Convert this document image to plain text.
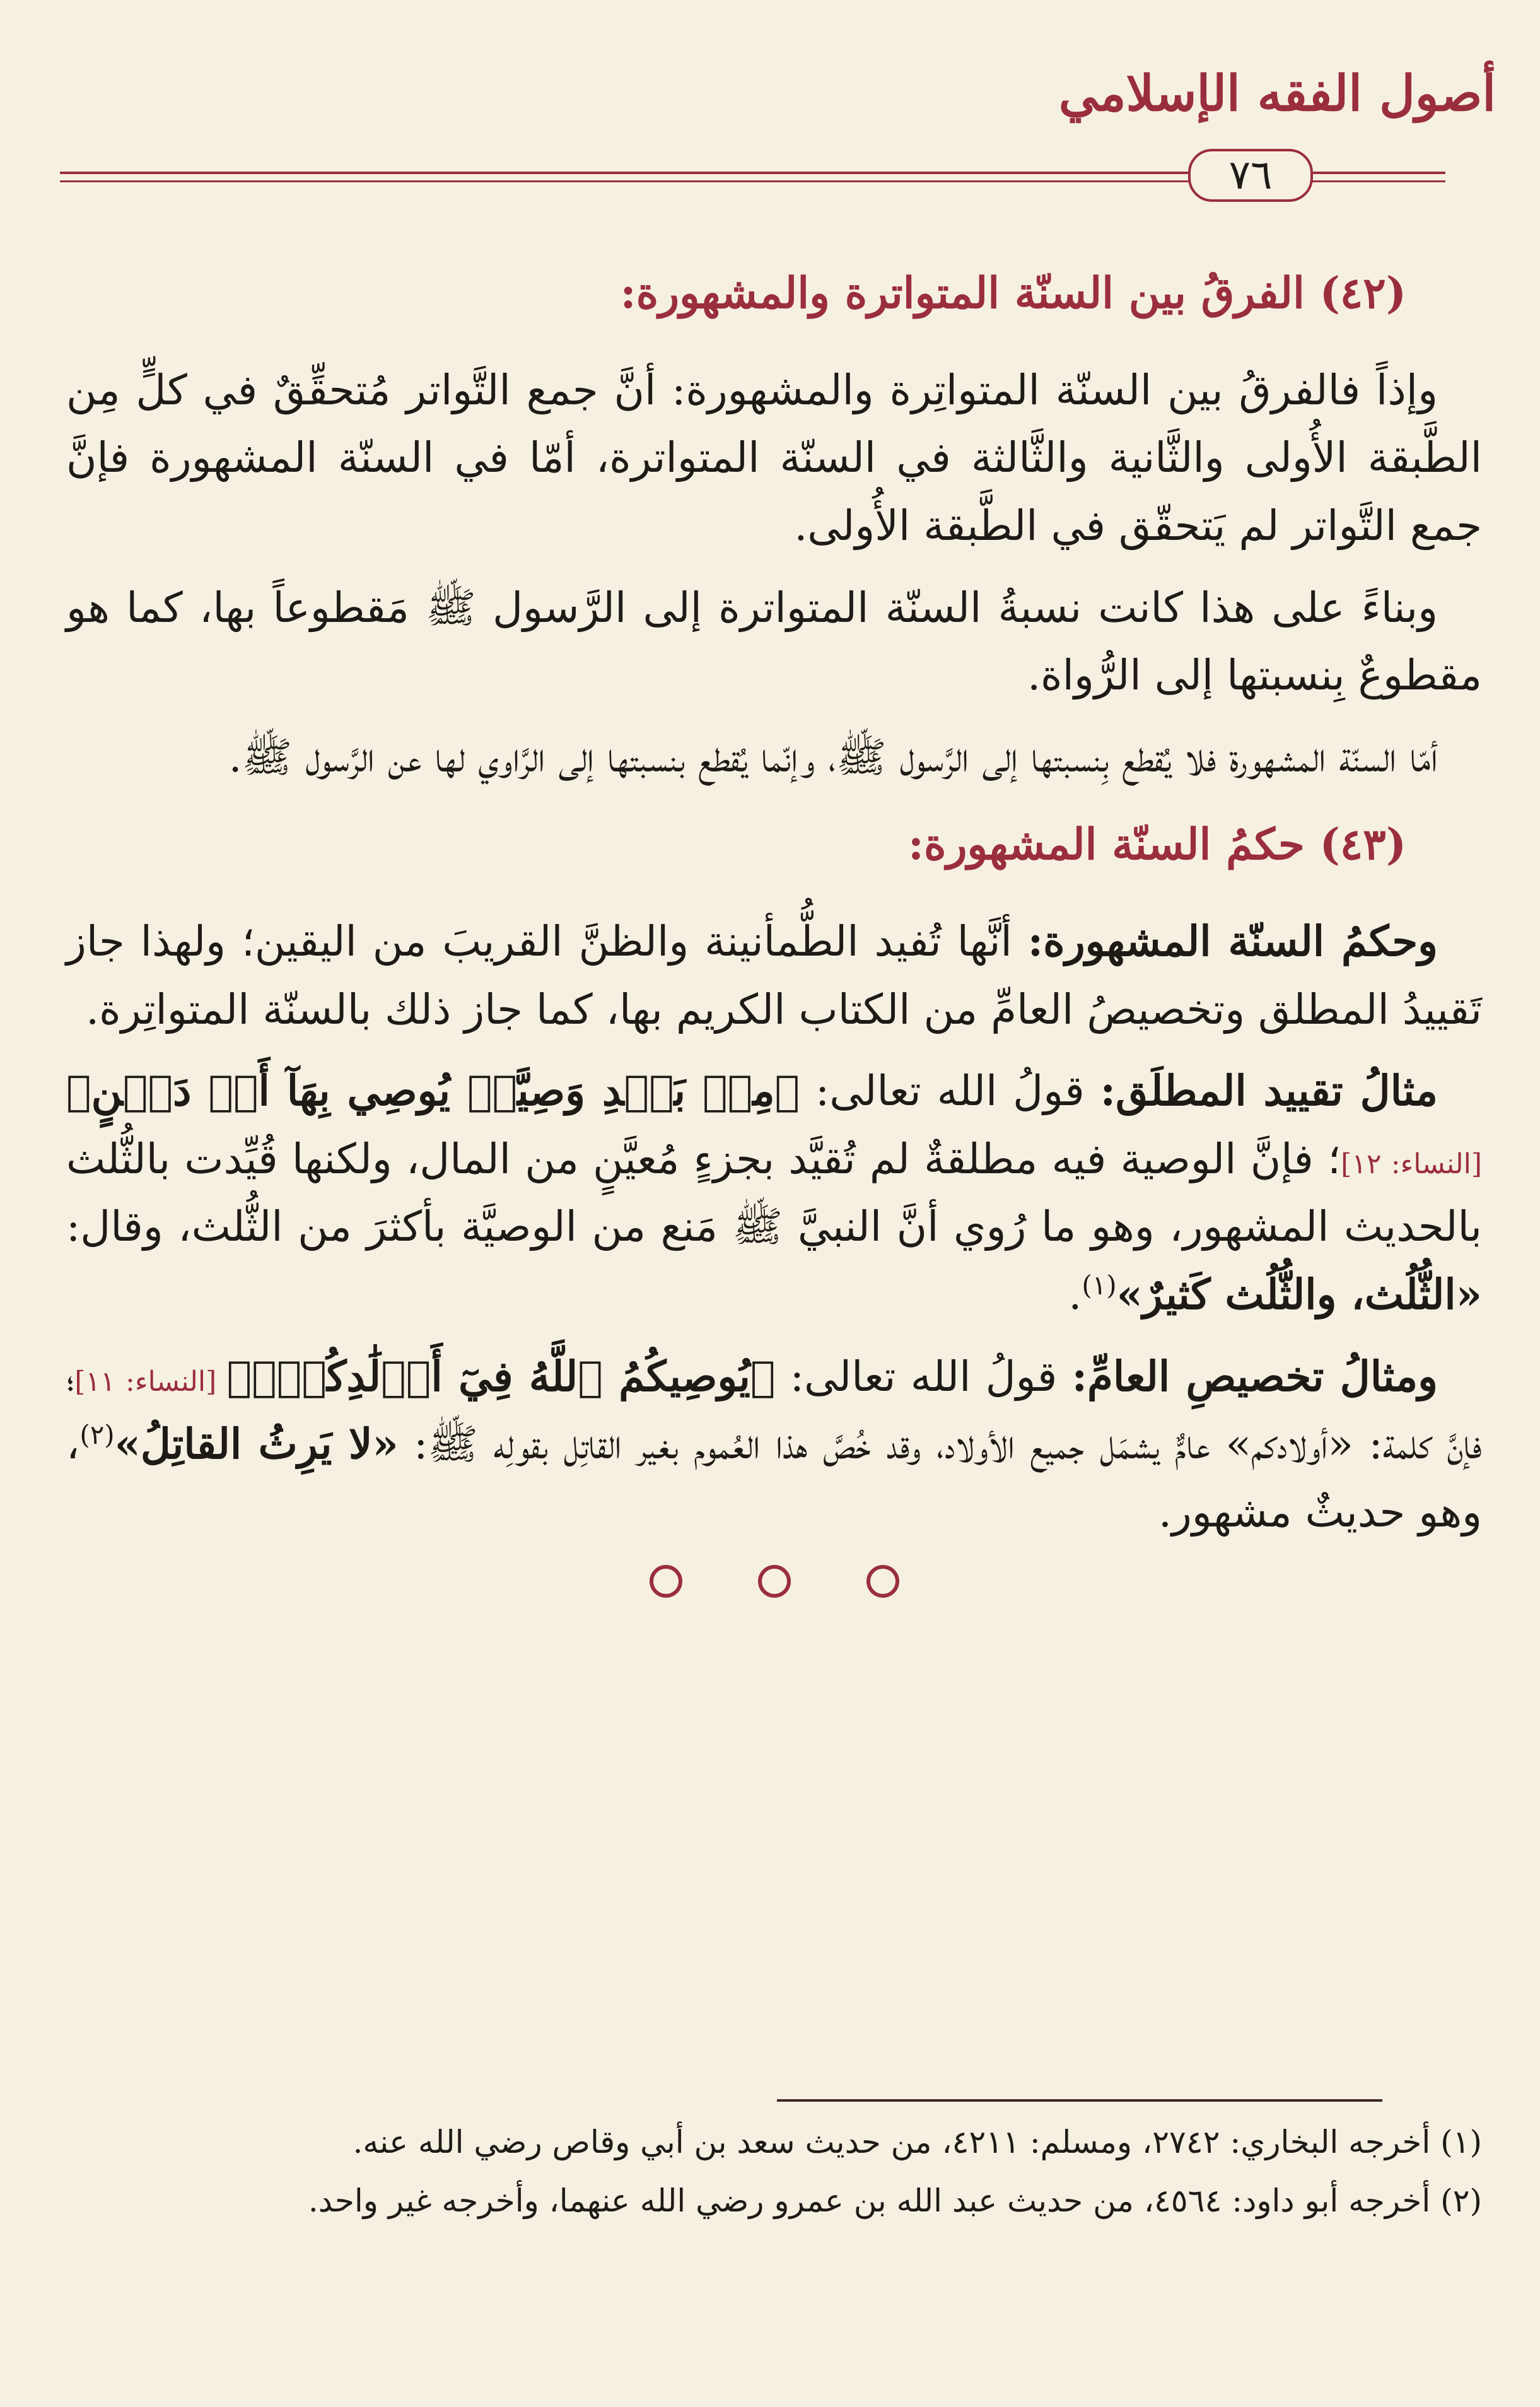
أصول الفقه الإسلامي
٧٦
(٤٢) الفرقُ بين السنّة المتواترة والمشهورة:

وإذاً فالفرقُ بين السنّة المتواتِرة والمشهورة: أنَّ جمع التَّواتر مُتحقِّقٌ في كلٍّ مِن الطَّبقة الأُولى والثَّانية والثَّالثة في السنّة المتواترة، أمّا في السنّة المشهورة فإنَّ جمع التَّواتر لم يَتحقّق في الطَّبقة الأُولى.

وبناءً على هذا كانت نسبةُ السنّة المتواترة إلى الرَّسول ﷺ مَقطوعاً بها، كما هو مقطوعٌ بِنسبتها إلى الرُّواة.

أمّا السنّة المشهورة فلا يُقطع بِنسبتها إلى الرَّسول ﷺ، وإنّما يُقطع بنسبتها إلى الرَّاوي لها عن الرَّسول ﷺ.

(٤٣) حكمُ السنّة المشهورة:

وحكمُ السنّة المشهورة: أنَّها تُفيد الطُّمأنينة والظنَّ القريبَ من اليقين؛ ولهذا جاز تَقييدُ المطلق وتخصيصُ العامِّ من الكتاب الكريم بها، كما جاز ذلك بالسنّة المتواتِرة.

مثالُ تقييد المطلَق: قولُ الله تعالى: ﴿مِنۢ بَعۡدِ وَصِيَّةٖ يُوصِي بِهَآ أَوۡ دَيۡنٍ﴾ [النساء: ١٢]؛ فإنَّ الوصية فيه مطلقةٌ لم تُقيَّد بجزءٍ مُعيَّنٍ من المال، ولكنها قُيِّدت بالثُّلث بالحديث المشهور، وهو ما رُوي أنَّ النبيَّ ﷺ مَنع من الوصيَّة بأكثرَ من الثُّلث، وقال: «الثُّلُث، والثُّلُث كَثيرٌ»$^{(١)}$.

ومثالُ تخصيصِ العامِّ: قولُ الله تعالى: ﴿يُوصِيكُمُ ٱللَّهُ فِيٓ أَوۡلَٰدِكُمۡۖ﴾ [النساء: ١١]؛ فإنَّ كلمة: «أولادكم» عامٌّ يشمَل جميع الأولاد، وقد خُصَّ هذا العُموم بغير القاتِل بقولِه ﷺ: «لا يَرِثُ القاتِلُ»$^{(٢)}$، وهو حديثٌ مشهور.

(١) أخرجه البخاري: ٢٧٤٢، ومسلم: ٤٢١١، من حديث سعد بن أبي وقاص رضي الله عنه.

(٢) أخرجه أبو داود: ٤٥٦٤، من حديث عبد الله بن عمرو رضي الله عنهما، وأخرجه غير واحد.
